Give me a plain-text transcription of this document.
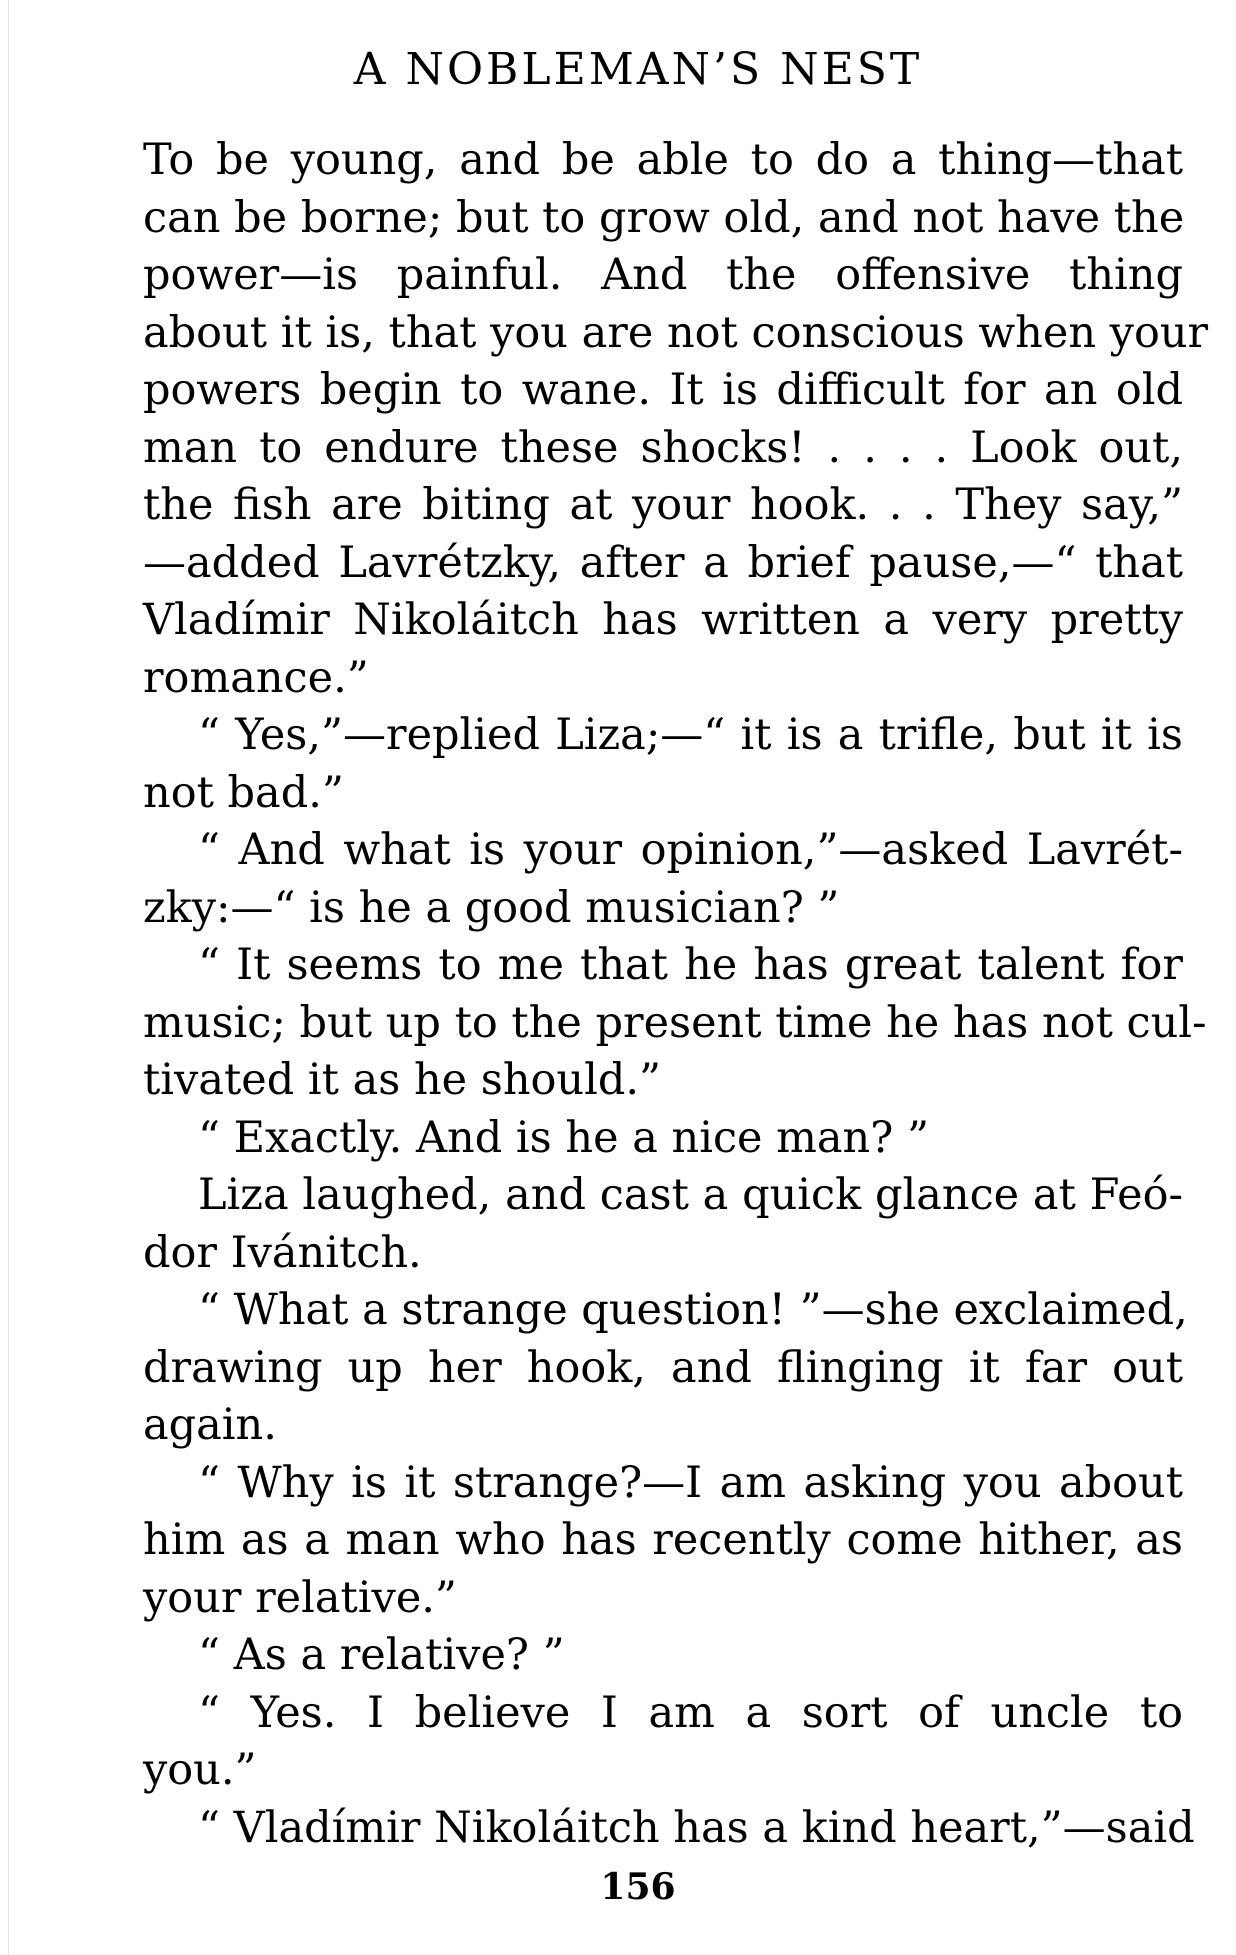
A NOBLEMAN’S NEST
To be young, and be able to do a thing—that
can be borne; but to grow old, and not have the
power—is painful. And the offensive thing
about it is, that you are not conscious when your
powers begin to wane. It is difficult for an old
man to endure these shocks! . . . . Look out,
the fish are biting at your hook. . . They say,”
—added Lavrétzky, after a brief pause,—“ that
Vladímir Nikoláitch has written a very pretty
romance.”
“ Yes,”—replied Liza;—“ it is a trifle, but it is
not bad.”
“ And what is your opinion,”—asked Lavrét-
zky:—“ is he a good musician? ”
“ It seems to me that he has great talent for
music; but up to the present time he has not cul-
tivated it as he should.”
“ Exactly. And is he a nice man? ”
Liza laughed, and cast a quick glance at Feó-
dor Ivánitch.
“ What a strange question! ”—she exclaimed,
drawing up her hook, and flinging it far out
again.
“ Why is it strange?—I am asking you about
him as a man who has recently come hither, as
your relative.”
“ As a relative? ”
“ Yes. I believe I am a sort of uncle to
you.”
“ Vladímir Nikoláitch has a kind heart,”—said
156
